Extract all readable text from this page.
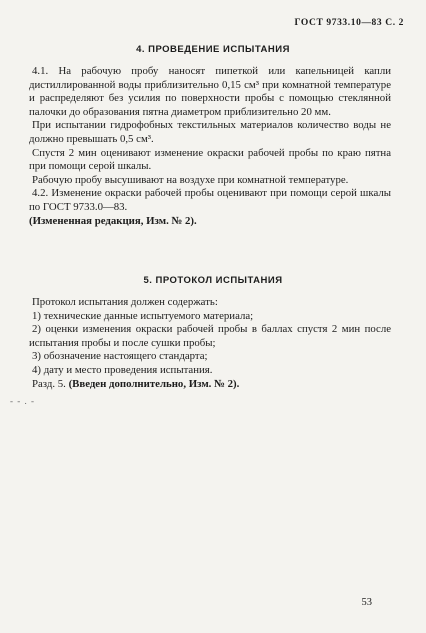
ГОСТ 9733.10—83 С. 2
4. ПРОВЕДЕНИЕ ИСПЫТАНИЯ

4.1. На рабочую пробу наносят пипеткой или капельницей капли дистиллированной воды приблизительно 0,15 см³ при комнатной температуре и распределяют без усилия по поверхности пробы с помощью стеклянной палочки до образования пятна диаметром приблизительно 20 мм.

При испытании гидрофобных текстильных материалов количество воды не должно превышать 0,5 см³.

Спустя 2 мин оценивают изменение окраски рабочей пробы по краю пятна при помощи серой шкалы.

Рабочую пробу высушивают на воздухе при комнатной температуре.

4.2. Изменение окраски рабочей пробы оценивают при помощи серой шкалы по ГОСТ 9733.0—83.

(Измененная редакция, Изм. № 2).

5. ПРОТОКОЛ ИСПЫТАНИЯ

Протокол испытания должен содержать:

1) технические данные испытуемого материала;

2) оценки изменения окраски рабочей пробы в баллах спустя 2 мин после испытания пробы и после сушки пробы;

3) обозначение настоящего стандарта;

4) дату и место проведения испытания.

Разд. 5. (Введен дополнительно, Изм. № 2).

- - . -
53
